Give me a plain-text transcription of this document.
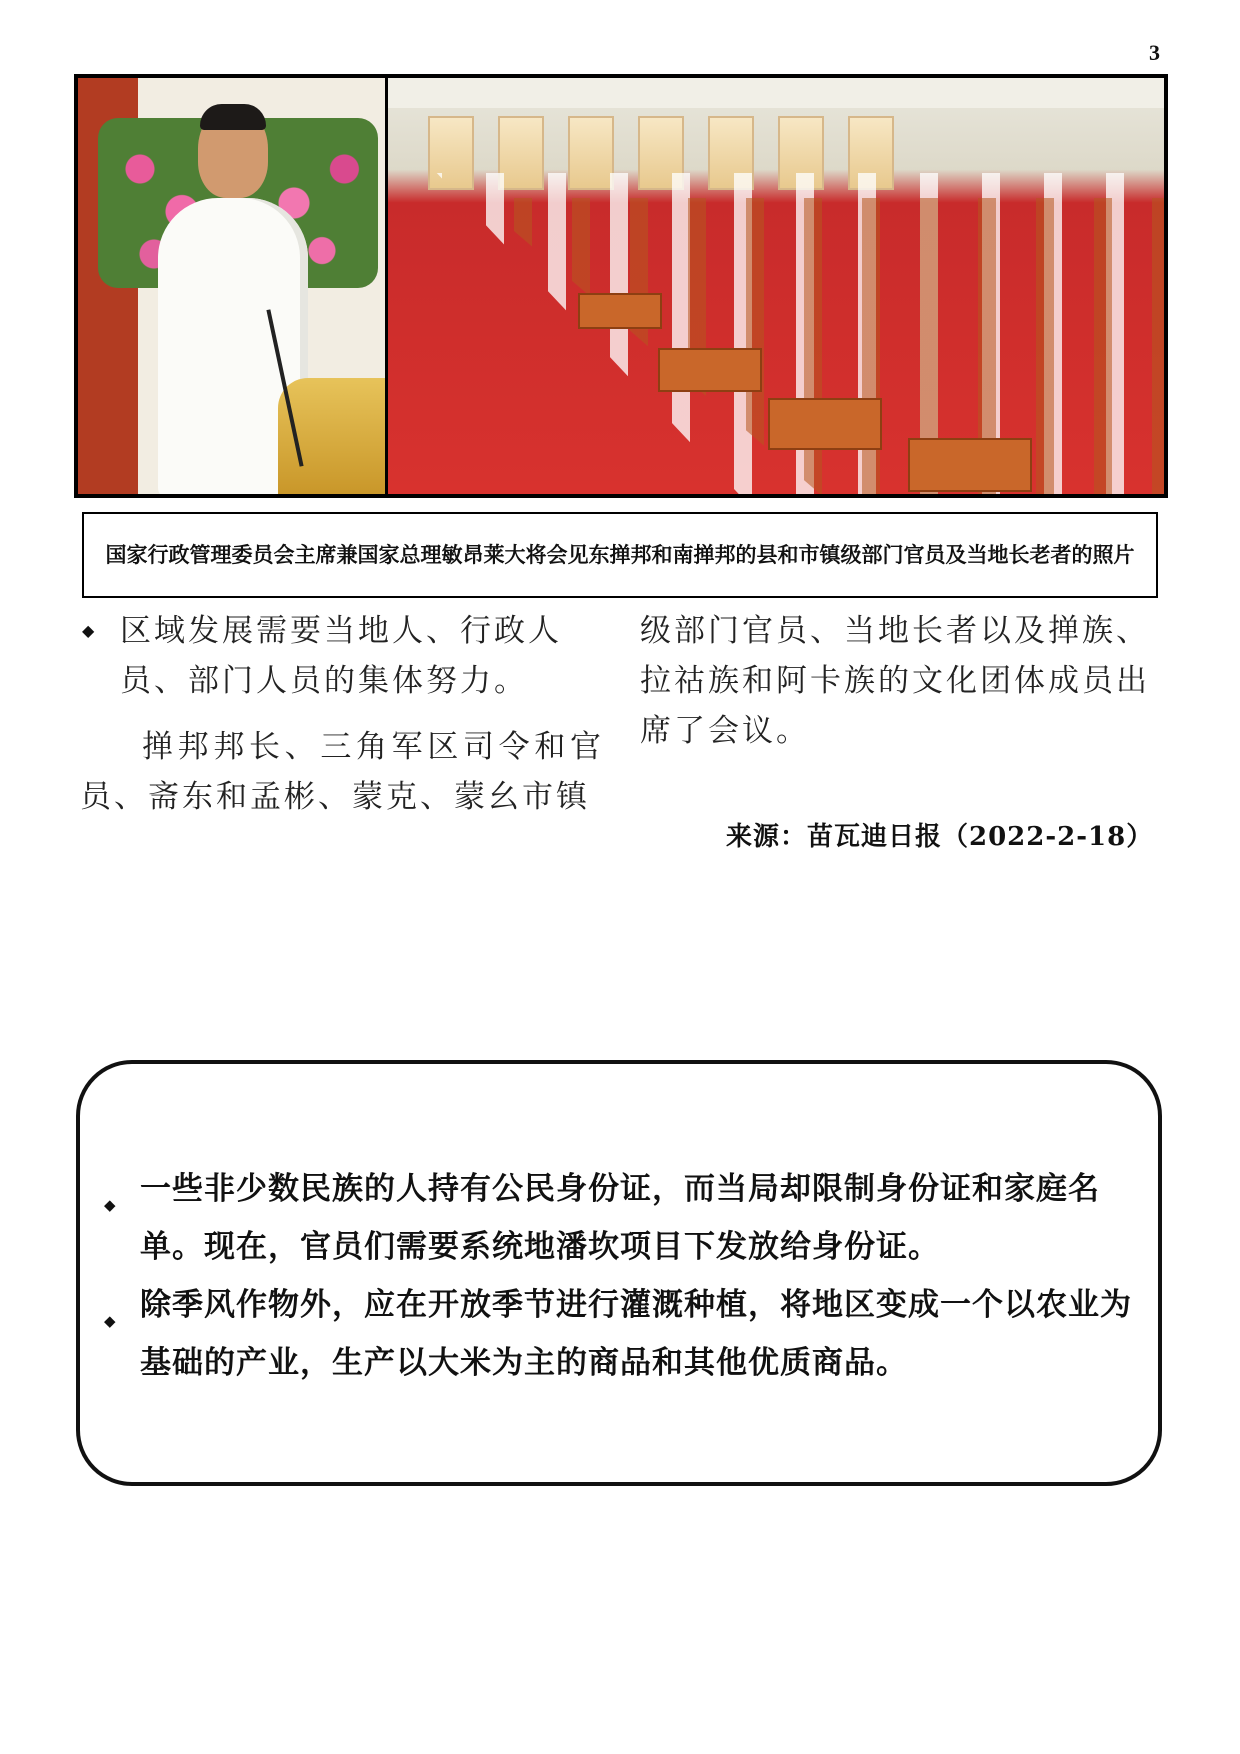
3
国家行政管理委员会主席兼国家总理敏昂莱大将会见东掸邦和南掸邦的县和市镇级部门官员及当地长老者的照片
◆ 区域发展需要当地人、行政人员、部门人员的集体努力。
掸邦邦长、三角军区司令和官员、斋东和孟彬、蒙克、蒙幺市镇
级部门官员、当地长者以及掸族、拉祜族和阿卡族的文化团体成员出席了会议。
来源：苗瓦迪日报（2022-2-18）
◆ 一些非少数民族的人持有公民身份证，而当局却限制身份证和家庭名单。现在，官员们需要系统地潘坎项目下发放给身份证。
◆ 除季风作物外，应在开放季节进行灌溉种植，将地区变成一个以农业为基础的产业，生产以大米为主的商品和其他优质商品。
